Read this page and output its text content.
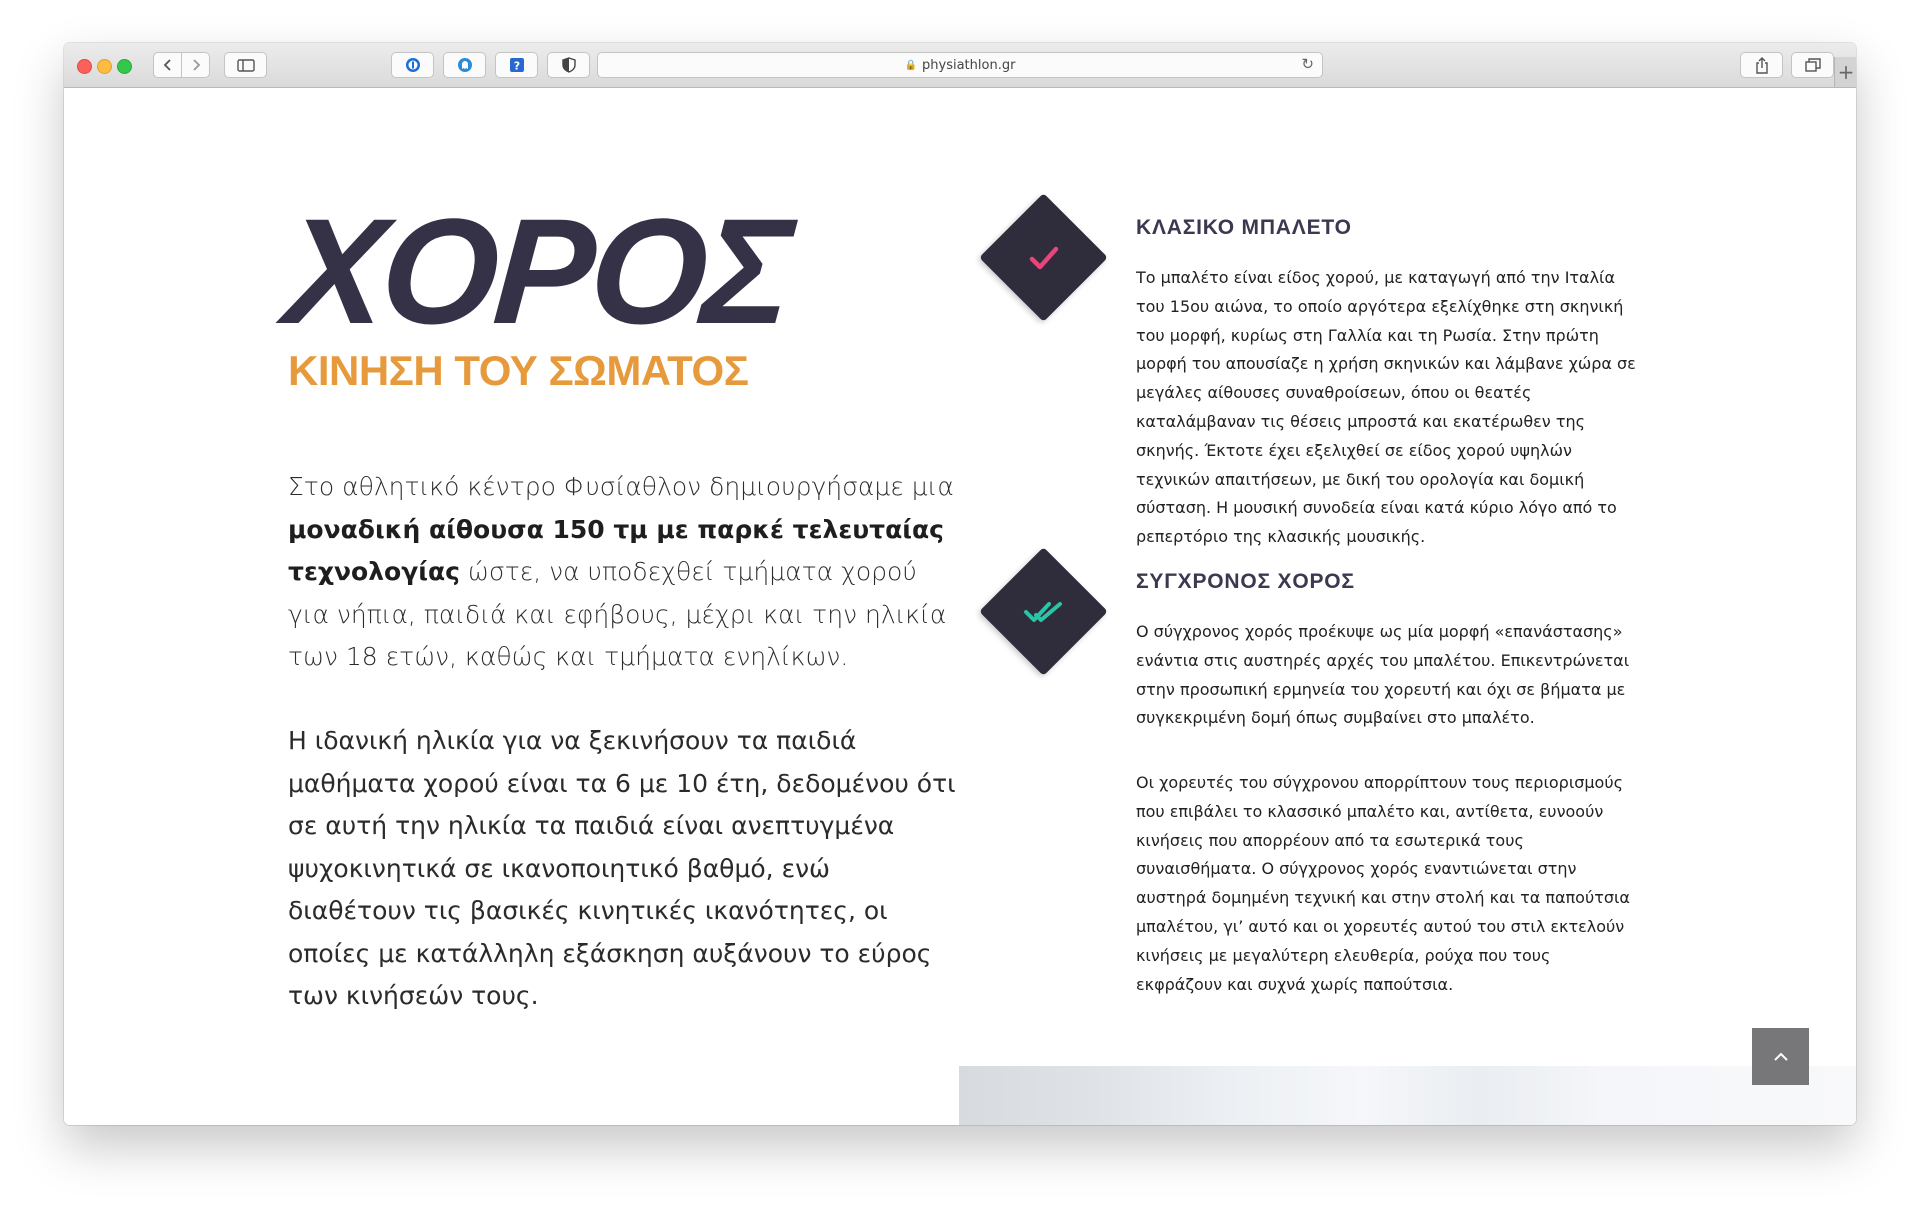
?	🔒 physiathlon.gr	↻	+
ΧΟΡΟΣ
ΚΙΝΗΣΗ ΤΟΥ ΣΩΜΑΤΟΣ

Στο αθλητικό κέντρο Φυσίαθλον δημιουργήσαμε μια μοναδική αίθουσα 150 τμ με παρκέ τελευταίας τεχνολογίας ώστε, να υποδεχθεί τμήματα χορού για νήπια, παιδιά και εφήβους, μέχρι και την ηλικία των 18 ετών, καθώς και τμήματα ενηλίκων.

Η ιδανική ηλικία για να ξεκινήσουν τα παιδιά μαθήματα χορού είναι τα 6 με 10 έτη, δεδομένου ότι σε αυτή την ηλικία τα παιδιά είναι ανεπτυγμένα ψυχοκινητικά σε ικανοποιητικό βαθμό, ενώ διαθέτουν τις βασικές κινητικές ικανότητες, οι οποίες με κατάλληλη εξάσκηση αυξάνουν το εύρος των κινήσεών τους.

ΚΛΑΣΙΚΟ ΜΠΑΛΕΤΟ

Το μπαλέτο είναι είδος χορού, με καταγωγή από την Ιταλία του 15ου αιώνα, το οποίο αργότερα εξελίχθηκε στη σκηνική του μορφή, κυρίως στη Γαλλία και τη Ρωσία. Στην πρώτη μορφή του απουσίαζε η χρήση σκηνικών και λάμβανε χώρα σε μεγάλες αίθουσες συναθροίσεων, όπου οι θεατές καταλάμβαναν τις θέσεις μπροστά και εκατέρωθεν της σκηνής. Έκτοτε έχει εξελιχθεί σε είδος χορού υψηλών τεχνικών απαιτήσεων, με δική του ορολογία και δομική σύσταση. Η μουσική συνοδεία είναι κατά κύριο λόγο από το ρεπερτόριο της κλασικής μουσικής.

ΣΥΓΧΡΟΝΟΣ ΧΟΡΟΣ

Ο σύγχρονος χορός προέκυψε ως μία μορφή «επανάστασης» ενάντια στις αυστηρές αρχές του μπαλέτου. Επικεντρώνεται στην προσωπική ερμηνεία του χορευτή και όχι σε βήματα με συγκεκριμένη δομή όπως συμβαίνει στο μπαλέτο.

Οι χορευτές του σύγχρονου απορρίπτουν τους περιορισμούς που επιβάλει το κλασσικό μπαλέτο και, αντίθετα, ευνοούν κινήσεις που απορρέουν από τα εσωτερικά τους συναισθήματα. Ο σύγχρονος χορός εναντιώνεται στην αυστηρά δομημένη τεχνική και στην στολή και τα παπούτσια μπαλέτου, γι’ αυτό και οι χορευτές αυτού του στιλ εκτελούν κινήσεις με μεγαλύτερη ελευθερία, ρούχα που τους εκφράζουν και συχνά χωρίς παπούτσια.
